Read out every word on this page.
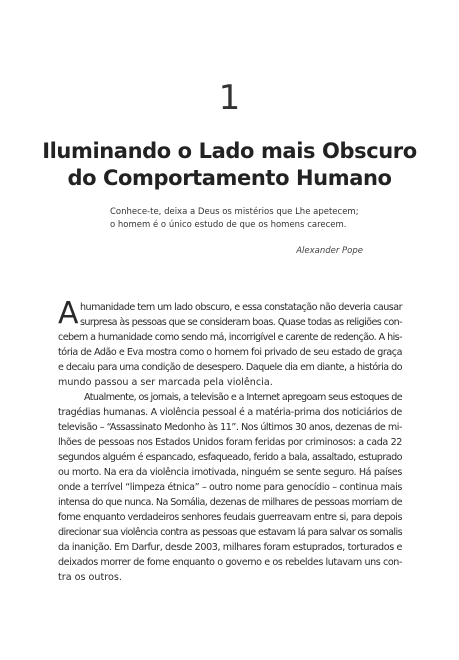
1
Iluminando o Lado mais Obscuro
do Comportamento Humano
Conhece-te, deixa a Deus os mistérios que Lhe apetecem;
o homem é o único estudo de que os homens carecem.
Alexander Pope
A humanidade tem um lado obscuro, e essa constatação não deveria causar
surpresa às pessoas que se consideram boas. Quase todas as religiões con-
cebem a humanidade como sendo má, incorrigível e carente de redenção. A his-
tória de Adão e Eva mostra como o homem foi privado de seu estado de graça
e decaiu para uma condição de desespero. Daquele dia em diante, a história do
mundo passou a ser marcada pela violência.

Atualmente, os jornais, a televisão e a Internet apregoam seus estoques de
tragédias humanas. A violência pessoal é a matéria-prima dos noticiários de
televisão – “Assassinato Medonho às 11”. Nos últimos 30 anos, dezenas de mi-
lhões de pessoas nos Estados Unidos foram feridas por criminosos: a cada 22
segundos alguém é espancado, esfaqueado, ferido a bala, assaltado, estuprado
ou morto. Na era da violência imotivada, ninguém se sente seguro. Há países
onde a terrível “limpeza étnica” – outro nome para genocídio – continua mais
intensa do que nunca. Na Somália, dezenas de milhares de pessoas morriam de
fome enquanto verdadeiros senhores feudais guerreavam entre si, para depois
direcionar sua violência contra as pessoas que estavam lá para salvar os somalis
da inanição. Em Darfur, desde 2003, milhares foram estuprados, torturados e
deixados morrer de fome enquanto o governo e os rebeldes lutavam uns con-
tra os outros.
